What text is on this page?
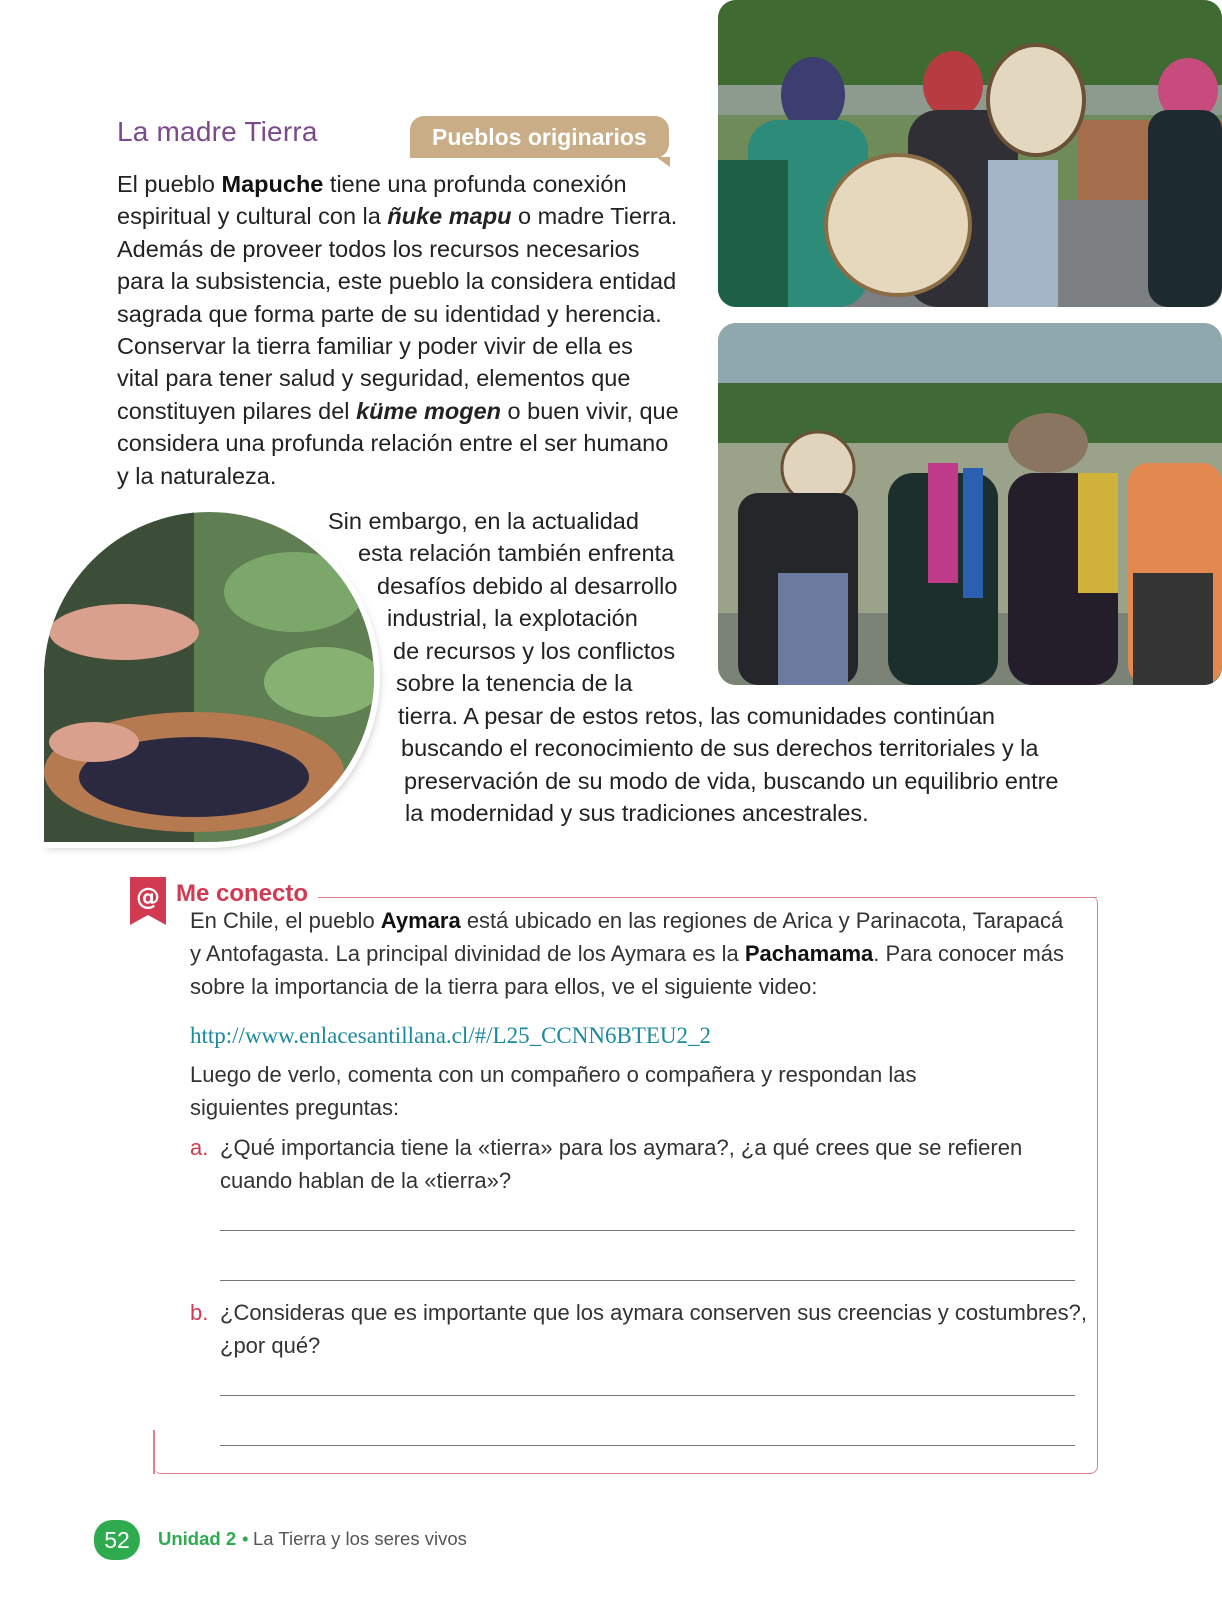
La madre Tierra	Pueblos originarios
El pueblo Mapuche tiene una profunda conexión
espiritual y cultural con la ñuke mapu o madre Tierra.
Además de proveer todos los recursos necesarios
para la subsistencia, este pueblo la considera entidad
sagrada que forma parte de su identidad y herencia.
Conservar la tierra familiar y poder vivir de ella es
vital para tener salud y seguridad, elementos que
constituyen pilares del küme mogen o buen vivir, que
considera una profunda relación entre el ser humano
y la naturaleza.
Sin embargo, en la actualidad
esta relación también enfrenta
desafíos debido al desarrollo
industrial, la explotación
de recursos y los conflictos
sobre la tenencia de la
tierra. A pesar de estos retos, las comunidades continúan
buscando el reconocimiento de sus derechos territoriales y la
preservación de su modo de vida, buscando un equilibrio entre
la modernidad y sus tradiciones ancestrales.
@ Me conecto
En Chile, el pueblo Aymara está ubicado en las regiones de Arica y Parinacota, Tarapacá
y Antofagasta. La principal divinidad de los Aymara es la Pachamama. Para conocer más
sobre la importancia de la tierra para ellos, ve el siguiente video:
http://www.enlacesantillana.cl/#/L25_CCNN6BTEU2_2
Luego de verlo, comenta con un compañero o compañera y respondan las
siguientes preguntas:
a. ¿Qué importancia tiene la «tierra» para los aymara?, ¿a qué crees que se refieren
cuando hablan de la «tierra»?
b. ¿Consideras que es importante que los aymara conserven sus creencias y costumbres?,
¿por qué?
52	Unidad 2 • La Tierra y los seres vivos
